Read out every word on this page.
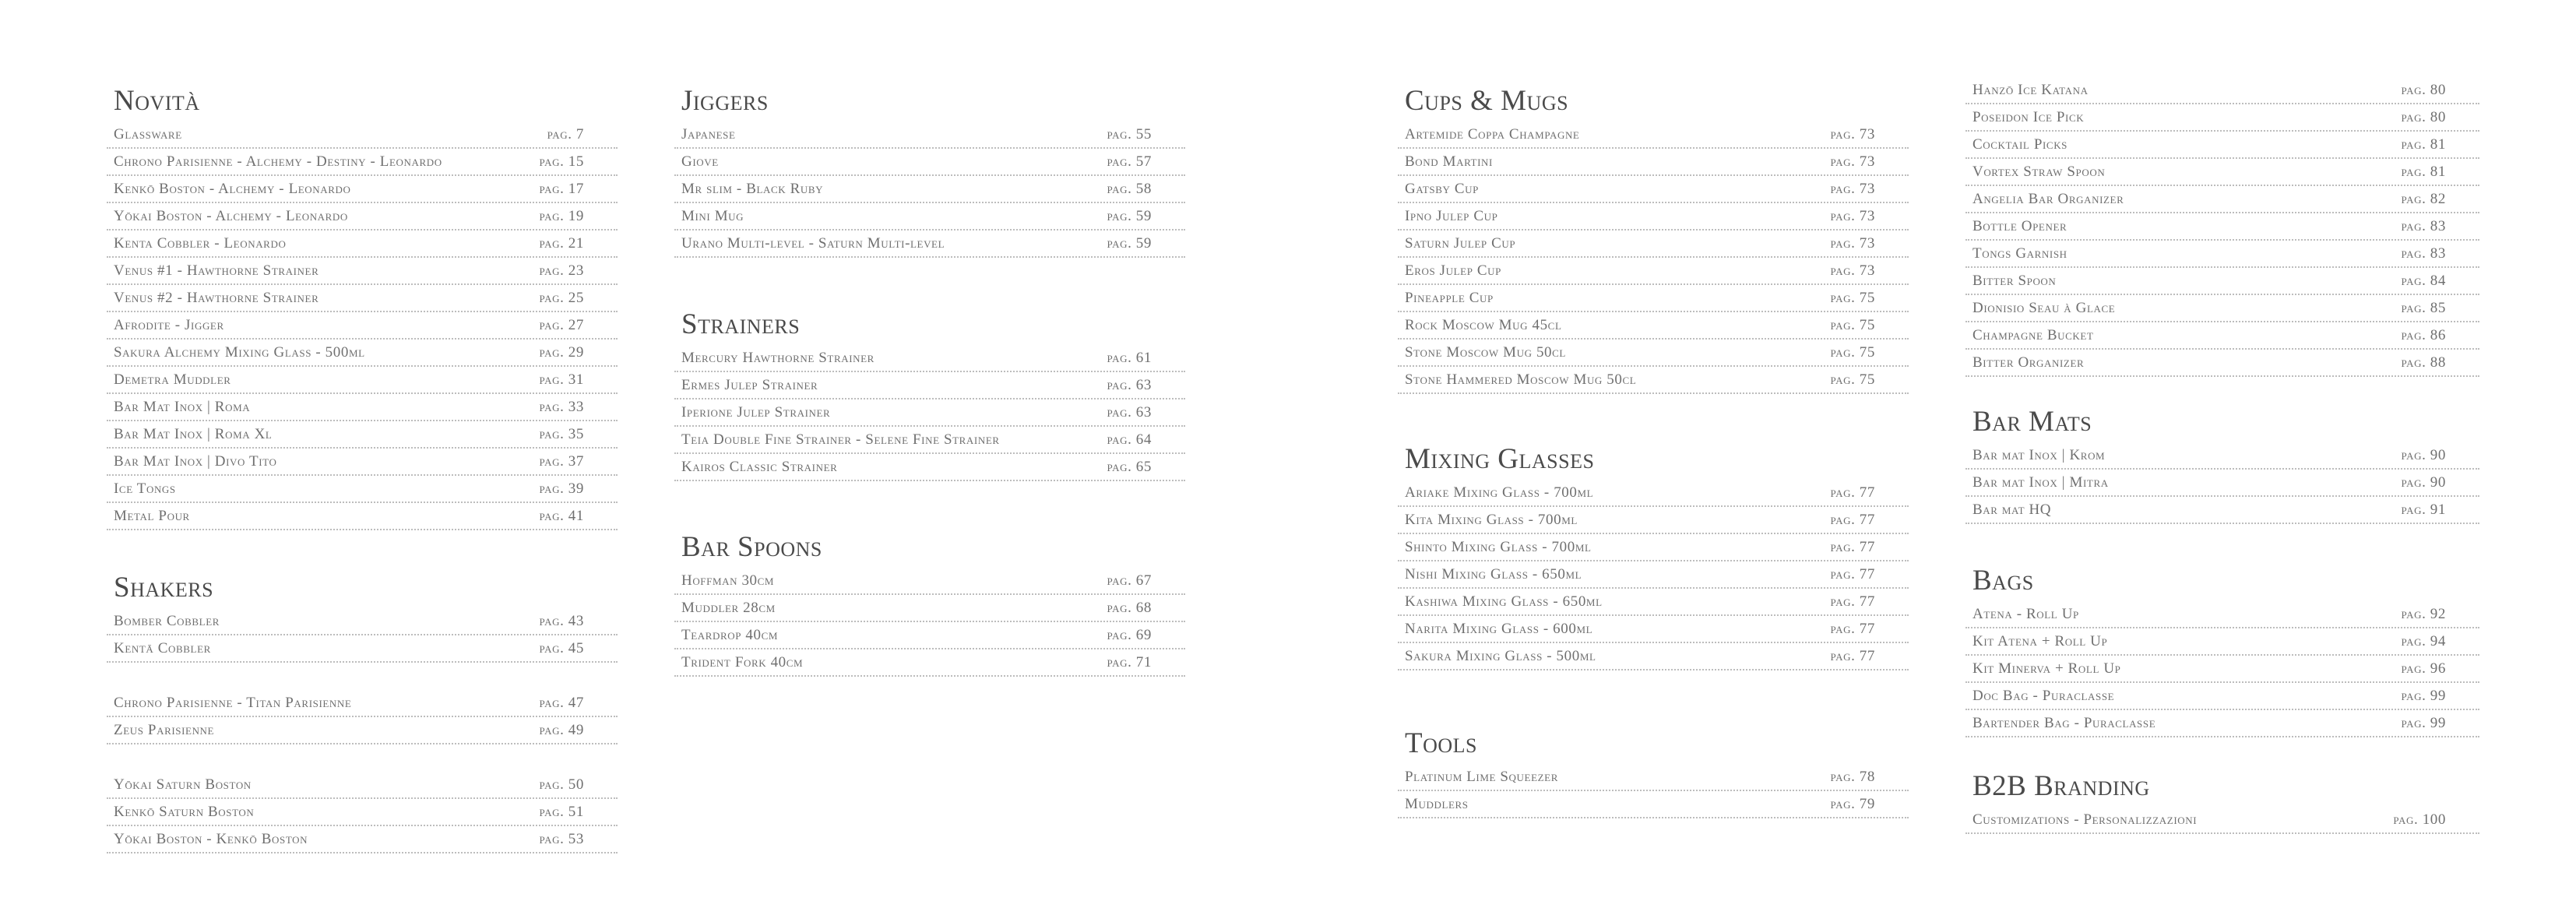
Novità
Glassware	pag. 7
Chrono Parisienne - Alchemy - Destiny - Leonardo	pag. 15
Kenkō Boston - Alchemy - Leonardo	pag. 17
Yōkai Boston - Alchemy - Leonardo	pag. 19
Kenta Cobbler - Leonardo	pag. 21
Venus #1 - Hawthorne Strainer	pag. 23
Venus #2 - Hawthorne Strainer	pag. 25
Afrodite - Jigger	pag. 27
Sakura Alchemy Mixing Glass - 500ml	pag. 29
Demetra Muddler	pag. 31
Bar Mat Inox | Roma	pag. 33
Bar Mat Inox | Roma Xl	pag. 35
Bar Mat Inox | Divo Tito	pag. 37
Ice Tongs	pag. 39
Metal Pour	pag. 41
Shakers
Bomber Cobbler	pag. 43
Kentā Cobbler	pag. 45
Chrono Parisienne - Titan Parisienne	pag. 47
Zeus Parisienne	pag. 49
Yōkai Saturn Boston	pag. 50
Kenkō Saturn Boston	pag. 51
Yōkai Boston - Kenkō Boston	pag. 53
Jiggers
Japanese	pag. 55
Giove	pag. 57
Mr slim - Black Ruby	pag. 58
Mini Mug	pag. 59
Urano Multi-level - Saturn Multi-level	pag. 59
Strainers
Mercury Hawthorne Strainer	pag. 61
Ermes Julep Strainer	pag. 63
Iperione Julep Strainer	pag. 63
Teia Double Fine Strainer - Selene Fine Strainer	pag. 64
Kairos Classic Strainer	pag. 65
Bar Spoons
Hoffman 30cm	pag. 67
Muddler 28cm	pag. 68
Teardrop 40cm	pag. 69
Trident Fork 40cm	pag. 71
Cups & Mugs
Artemide Coppa Champagne	pag. 73
Bond Martini	pag. 73
Gatsby Cup	pag. 73
Ipno Julep Cup	pag. 73
Saturn Julep Cup	pag. 73
Eros Julep Cup	pag. 73
Pineapple Cup	pag. 75
Rock Moscow Mug 45cl	pag. 75
Stone Moscow Mug 50cl	pag. 75
Stone Hammered Moscow Mug 50cl	pag. 75
Mixing Glasses
Ariake Mixing Glass - 700ml	pag. 77
Kita Mixing Glass - 700ml	pag. 77
Shinto Mixing Glass - 700ml	pag. 77
Nishi Mixing Glass - 650ml	pag. 77
Kashiwa Mixing Glass - 650ml	pag. 77
Narita Mixing Glass - 600ml	pag. 77
Sakura Mixing Glass - 500ml	pag. 77
Tools
Platinum Lime Squeezer	pag. 78
Muddlers	pag. 79
Hanzō Ice Katana	pag. 80
Poseidon Ice Pick	pag. 80
Cocktail Picks	pag. 81
Vortex Straw Spoon	pag. 81
Angelia Bar Organizer	pag. 82
Bottle Opener	pag. 83
Tongs Garnish	pag. 83
Bitter Spoon	pag. 84
Dionisio Seau à Glace	pag. 85
Champagne Bucket	pag. 86
Bitter Organizer	pag. 88
Bar Mats
Bar mat Inox | Krom	pag. 90
Bar mat Inox | Mitra	pag. 90
Bar mat HQ	pag. 91
Bags
Atena - Roll Up	pag. 92
Kit Atena + Roll Up	pag. 94
Kit Minerva + Roll Up	pag. 96
Doc Bag - Puraclasse	pag. 99
Bartender Bag - Puraclasse	pag. 99
B2B Branding
Customizations - Personalizzazioni	pag. 100
